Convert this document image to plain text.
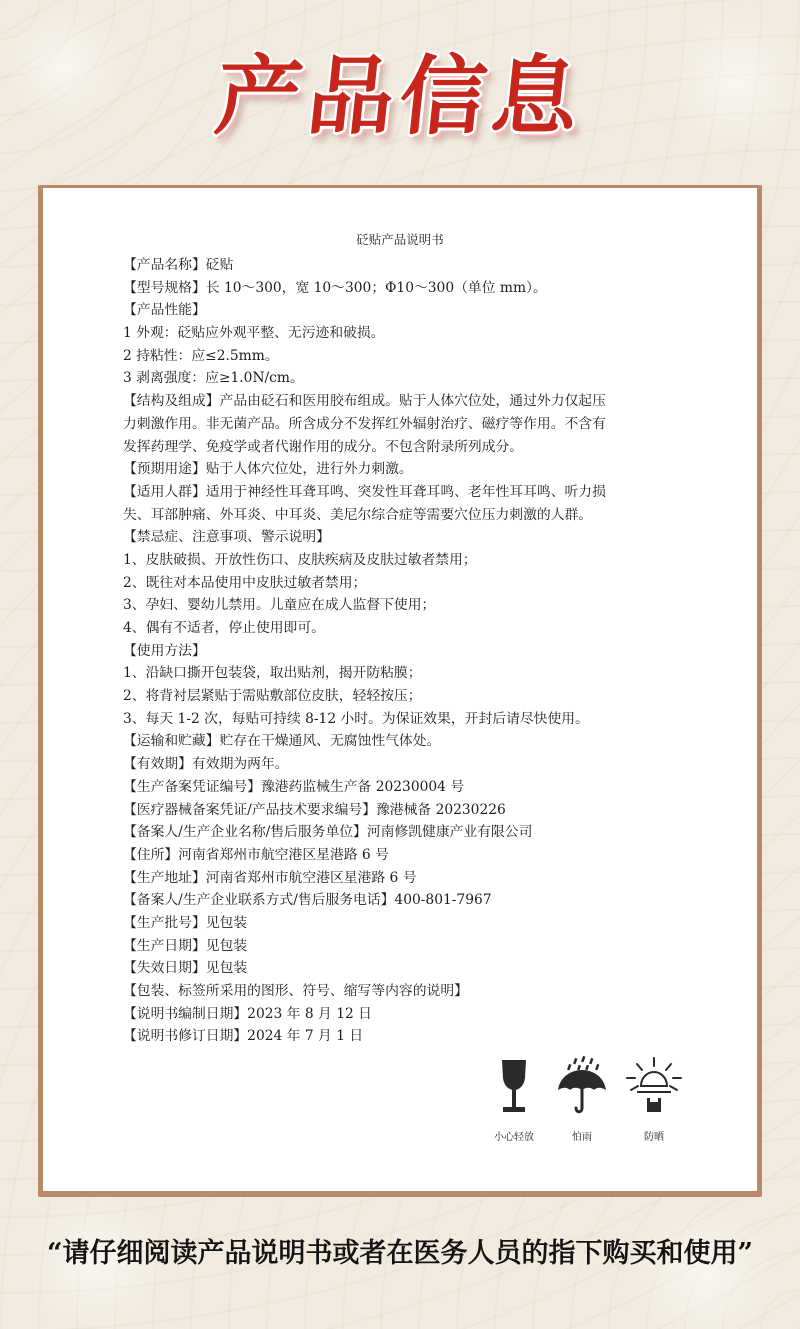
产品信息
砭贴产品说明书
【产品名称】砭贴
【型号规格】长 10～300，宽 10～300；Φ10～300（单位 mm）。
【产品性能】
1 外观：砭贴应外观平整、无污迹和破损。
2 持粘性：应≤2.5mm。
3 剥离强度：应≥1.0N/cm。
【结构及组成】产品由砭石和医用胶布组成。贴于人体穴位处，通过外力仅起压
力刺激作用。非无菌产品。所含成分不发挥红外辐射治疗、磁疗等作用。不含有
发挥药理学、免疫学或者代谢作用的成分。不包含附录所列成分。
【预期用途】贴于人体穴位处，进行外力刺激。
【适用人群】适用于神经性耳聋耳鸣、突发性耳聋耳鸣、老年性耳耳鸣、听力损
失、耳部肿痛、外耳炎、中耳炎、美尼尔综合症等需要穴位压力刺激的人群。
【禁忌症、注意事项、警示说明】
1、皮肤破损、开放性伤口、皮肤疾病及皮肤过敏者禁用；
2、既往对本品使用中皮肤过敏者禁用；
3、孕妇、婴幼儿禁用。儿童应在成人监督下使用；
4、偶有不适者，停止使用即可。
【使用方法】
1、沿缺口撕开包装袋，取出贴剂，揭开防粘膜；
2、将背衬层紧贴于需贴敷部位皮肤，轻轻按压；
3、每天 1-2 次，每贴可持续 8-12 小时。为保证效果，开封后请尽快使用。
【运输和贮藏】贮存在干燥通风、无腐蚀性气体处。
【有效期】有效期为两年。
【生产备案凭证编号】豫港药监械生产备 20230004 号
【医疗器械备案凭证/产品技术要求编号】豫港械备 20230226
【备案人/生产企业名称/售后服务单位】河南修凯健康产业有限公司
【住所】河南省郑州市航空港区星港路 6 号
【生产地址】河南省郑州市航空港区星港路 6 号
【备案人/生产企业联系方式/售后服务电话】400-801-7967
【生产批号】见包装
【生产日期】见包装
【失效日期】见包装
【包装、标签所采用的图形、符号、缩写等内容的说明】
【说明书编制日期】2023 年 8 月 12 日
【说明书修订日期】2024 年 7 月 1 日
小心轻放	怕雨	防晒
“请仔细阅读产品说明书或者在医务人员的指下购买和使用”
